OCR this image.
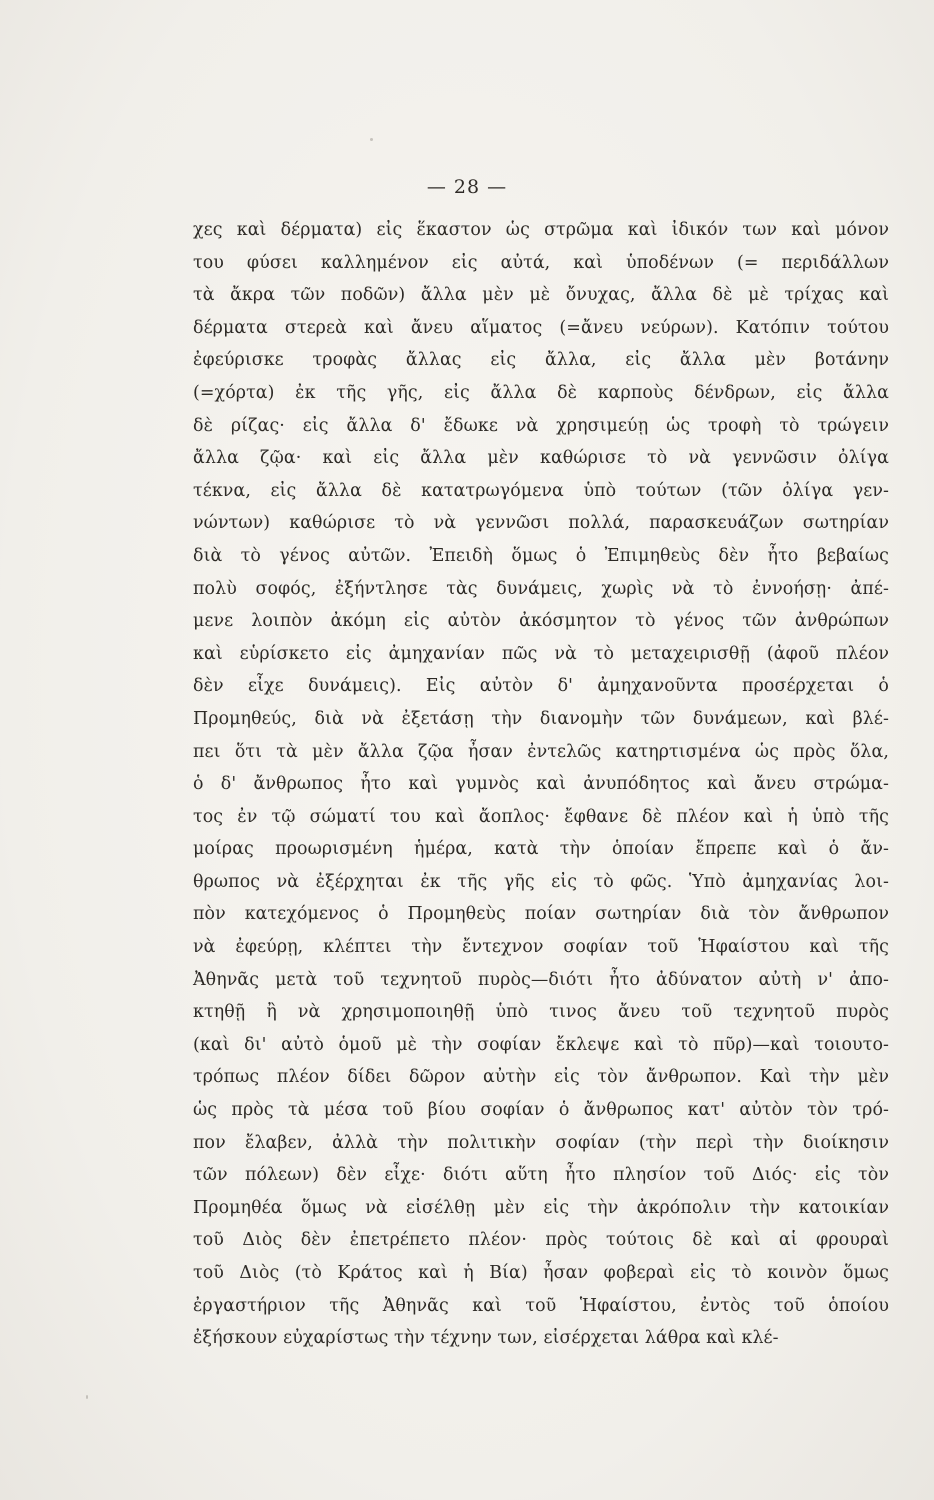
— 28 —
χες καὶ δέρματα) εἰς ἕκαστον ὡς στρῶμα καὶ ἰδικόν των καὶ μόνον
του φύσει καλλημένον εἰς αὐτά, καὶ ὑποδένων (= περιδάλλων
τὰ ἄκρα τῶν ποδῶν) ἄλλα μὲν μὲ ὄνυχας, ἄλλα δὲ μὲ τρίχας καὶ
δέρματα στερεὰ καὶ ἄνευ αἵματος (=ἄνευ νεύρων). Κατόπιν τούτου
ἐφεύρισκε τροφὰς ἄλλας εἰς ἄλλα, εἰς ἄλλα μὲν βοτάνην
(=χόρτα) ἐκ τῆς γῆς, εἰς ἄλλα δὲ καρποὺς δένδρων, εἰς ἄλλα
δὲ ρίζας· εἰς ἄλλα δ' ἔδωκε νὰ χρησιμεύῃ ὡς τροφὴ τὸ τρώγειν
ἄλλα ζῷα· καὶ εἰς ἄλλα μὲν καθώρισε τὸ νὰ γεννῶσιν ὀλίγα
τέκνα, εἰς ἄλλα δὲ κατατρωγόμενα ὑπὸ τούτων (τῶν ὀλίγα γεν-
νώντων) καθώρισε τὸ νὰ γεννῶσι πολλά, παρασκευάζων σωτηρίαν
διὰ τὸ γένος αὐτῶν. Ἐπειδὴ ὅμως ὁ Ἐπιμηθεὺς δὲν ἦτο βεβαίως
πολὺ σοφός, ἐξήντλησε τὰς δυνάμεις, χωρὶς νὰ τὸ ἐννοήσῃ· ἀπέ-
μενε λοιπὸν ἀκόμη εἰς αὐτὸν ἀκόσμητον τὸ γένος τῶν ἀνθρώπων
καὶ εὑρίσκετο εἰς ἀμηχανίαν πῶς νὰ τὸ μεταχειρισθῇ (ἀφοῦ πλέον
δὲν εἶχε δυνάμεις). Εἰς αὐτὸν δ' ἀμηχανοῦντα προσέρχεται ὁ
Προμηθεύς, διὰ νὰ ἐξετάσῃ τὴν διανομὴν τῶν δυνάμεων, καὶ βλέ-
πει ὅτι τὰ μὲν ἄλλα ζῷα ἦσαν ἐντελῶς κατηρτισμένα ὡς πρὸς ὅλα,
ὁ δ' ἄνθρωπος ἦτο καὶ γυμνὸς καὶ ἀνυπόδητος καὶ ἄνευ στρώμα-
τος ἐν τῷ σώματί του καὶ ἄοπλος· ἔφθανε δὲ πλέον καὶ ἡ ὑπὸ τῆς
μοίρας προωρισμένη ἡμέρα, κατὰ τὴν ὁποίαν ἔπρεπε καὶ ὁ ἄν-
θρωπος νὰ ἐξέρχηται ἐκ τῆς γῆς εἰς τὸ φῶς. Ὑπὸ ἀμηχανίας λοι-
πὸν κατεχόμενος ὁ Προμηθεὺς ποίαν σωτηρίαν διὰ τὸν ἄνθρωπον
νὰ ἐφεύρῃ, κλέπτει τὴν ἔντεχνον σοφίαν τοῦ Ἡφαίστου καὶ τῆς
Ἀθηνᾶς μετὰ τοῦ τεχνητοῦ πυρὸς—διότι ἦτο ἀδύνατον αὐτὴ ν' ἀπο-
κτηθῇ ἢ νὰ χρησιμοποιηθῇ ὑπὸ τινος ἄνευ τοῦ τεχνητοῦ πυρὸς
(καὶ δι' αὐτὸ ὁμοῦ μὲ τὴν σοφίαν ἔκλεψε καὶ τὸ πῦρ)—καὶ τοιουτο-
τρόπως πλέον δίδει δῶρον αὐτὴν εἰς τὸν ἄνθρωπον. Καὶ τὴν μὲν
ὡς πρὸς τὰ μέσα τοῦ βίου σοφίαν ὁ ἄνθρωπος κατ' αὐτὸν τὸν τρό-
πον ἔλαβεν, ἀλλὰ τὴν πολιτικὴν σοφίαν (τὴν περὶ τὴν διοίκησιν
τῶν πόλεων) δὲν εἶχε· διότι αὕτη ἦτο πλησίον τοῦ Διός· εἰς τὸν
Προμηθέα ὅμως νὰ εἰσέλθῃ μὲν εἰς τὴν ἀκρόπολιν τὴν κατοικίαν
τοῦ Διὸς δὲν ἐπετρέπετο πλέον· πρὸς τούτοις δὲ καὶ αἱ φρουραὶ
τοῦ Διὸς (τὸ Κράτος καὶ ἡ Βία) ἦσαν φοβεραὶ εἰς τὸ κοινὸν ὅμως
ἐργαστήριον τῆς Ἀθηνᾶς καὶ τοῦ Ἡφαίστου, ἐντὸς τοῦ ὁποίου
ἐξήσκουν εὐχαρίστως τὴν τέχνην των, εἰσέρχεται λάθρα καὶ κλέ-
